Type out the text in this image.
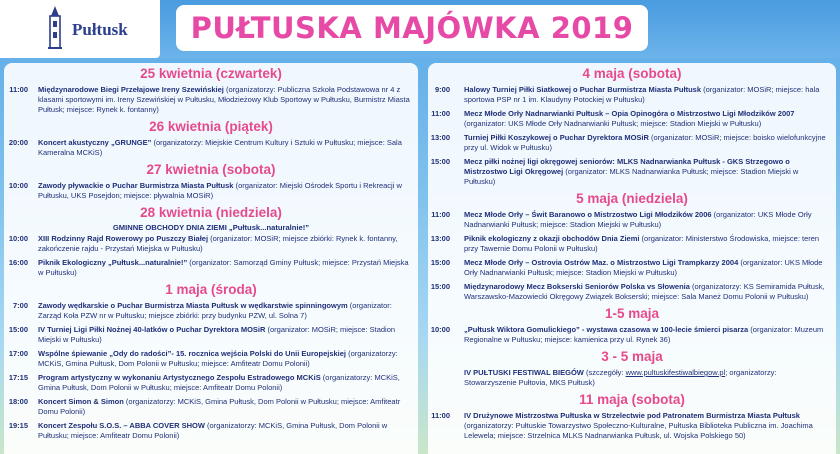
Pułtusk PUŁTUSKA MAJÓWKA 2019
25 kwietnia (czwartek)
11:00	Międzynarodowe Biegi Przełajowe Ireny Szewińskiej (organizatorzy: Publiczna Szkoła Podstawowa nr 4 z klasami sportowymi im. Ireny Szewińskiej w Pułtusku, Młodzieżowy Klub Sportowy w Pułtusku, Burmistrz Miasta Pułtusk; miejsce: Rynek k. fontanny)
26 kwietnia (piątek)
20:00	Koncert akustyczny „GRUNGE” (organizatorzy: Miejskie Centrum Kultury i Sztuki w Pułtusku; miejsce: Sala Kameralna MCKiS)
27 kwietnia (sobota)
10:00	Zawody pływackie o Puchar Burmistrza Miasta Pułtusk (organizator: Miejski Ośrodek Sportu i Rekreacji w Pułtusku, UKS Posejdon; miejsce: pływalnia MOSiR)
28 kwietnia (niedziela)
GMINNE OBCHODY DNIA ZIEMI „Pułtusk...naturalnie!”
10:00	XIII Rodzinny Rajd Rowerowy po Puszczy Białej (organizator: MOSiR; miejsce zbiórki: Rynek k. fontanny, zakończenie rajdu - Przystań Miejska w Pułtusku)
16:00	Piknik Ekologiczny „Pułtusk...naturalnie!” (organizator: Samorząd Gminy Pułtusk; miejsce: Przystań Miejska w Pułtusku)
1 maja (środa)
7:00	Zawody wędkarskie o Puchar Burmistrza Miasta Pułtusk w wędkarstwie spinningowym (organizator: Zarząd Koła PZW nr w Pułtusku; miejsce zbiórki: przy budynku PZW, ul. Solna 7)
15:00	IV Turniej Ligi Piłki Nożnej 40-latków o Puchar Dyrektora MOSiR (organizator: MOSiR; miejsce: Stadion Miejski w Pułtusku)
17:00	Wspólne śpiewanie „Ody do radości”- 15. rocznica wejścia Polski do Unii Europejskiej (organizatorzy: MCKiS, Gmina Pułtusk, Dom Polonii w Pułtusku; miejsce: Amfiteatr Domu Polonii)
17:15	Program artystyczny w wykonaniu Artystycznego Zespołu Estradowego MCKiS (organizatorzy: MCKiS, Gmina Pułtusk, Dom Polonii w Pułtusku; miejsce: Amfiteatr Domu Polonii)
18:00	Koncert Simon & Simon (organizatorzy: MCKiS, Gmina Pułtusk, Dom Polonii w Pułtusku; miejsce: Amfiteatr Domu Polonii)
19:15	Koncert Zespołu S.O.S. – ABBA COVER SHOW (organizatorzy: MCKiS, Gmina Pułtusk, Dom Polonii w Pułtusku; miejsce: Amfiteatr Domu Polonii)
4 maja (sobota)
9:00	Halowy Turniej Piłki Siatkowej o Puchar Burmistrza Miasta Pułtusk (organizator: MOSiR; miejsce: hala sportowa PSP nr 1 im. Klaudyny Potockiej w Pułtusku)
11:00	Mecz Młode Orły Nadnarwianki Pułtusk – Opia Opinogóra o Mistrzostwo Ligi Młodzików 2007 (organizator: UKS Młode Orły Nadnarwianki Pułtusk; miejsce: Stadion Miejski w Pułtusku)
13:00	Turniej Piłki Koszykowej o Puchar Dyrektora MOSiR (organizator: MOSiR; miejsce: boisko wielofunkcyjne przy ul. Widok w Pułtusku)
15:00	Mecz piłki nożnej ligi okręgowej seniorów: MLKS Nadnarwianka Pułtusk - GKS Strzegowo o Mistrzostwo Ligi Okręgowej (organizator: MLKS Nadnarwianka Pułtusk; miejsce: Stadion Miejski w Pułtusku)
5 maja (niedziela)
11:00	Mecz Młode Orły – Świt Baranowo o Mistrzostwo Ligi Młodzików 2006 (organizator: UKS Młode Orły Nadnarwianki Pułtusk; miejsce: Stadion Miejski w Pułtusku)
13:00	Piknik ekologiczny z okazji obchodów Dnia Ziemi (organizator: Ministerstwo Środowiska, miejsce: teren przy Tawernie Domu Polonii w Pułtusku)
15:00	Mecz Młode Orły – Ostrovia Ostrów Maz. o Mistrzostwo Ligi Trampkarzy 2004 (organizator: UKS Młode Orły Nadnarwianki Pułtusk; miejsce: Stadion Miejski w Pułtusku)
15:00	Międzynarodowy Mecz Bokserski Seniorów Polska vs Słowenia (organizatorzy: KS Semiramida Pułtusk, Warszawsko-Mazowiecki Okręgowy Związek Bokserski; miejsce: Sala Maneż Domu Polonii w Pułtusku)
1-5 maja
10:00	„Pułtusk Wiktora Gomulickiego” - wystawa czasowa w 100-lecie śmierci pisarza (organizator: Muzeum Regionalne w Pułtusku; miejsce: kamienica przy ul. Rynek 36)
3 - 5 maja
IV PUŁTUSKI FESTIWAL BIEGÓW (szczegóły: www.pultuskifestiwalbiegow.pl; organizatorzy: Stowarzyszenie Pułtovia, MKS Pułtusk)
11 maja (sobota)
11:00	IV Drużynowe Mistrzostwa Pułtuska w Strzelectwie pod Patronatem Burmistrza Miasta Pułtusk (organizatorzy: Pułtuskie Towarzystwo Społeczno-Kulturalne, Pułtuska Biblioteka Publiczna im. Joachima Lelewela; miejsce: Strzelnica MLKS Nadnarwianka Pułtusk, ul. Wojska Polskiego 50)
